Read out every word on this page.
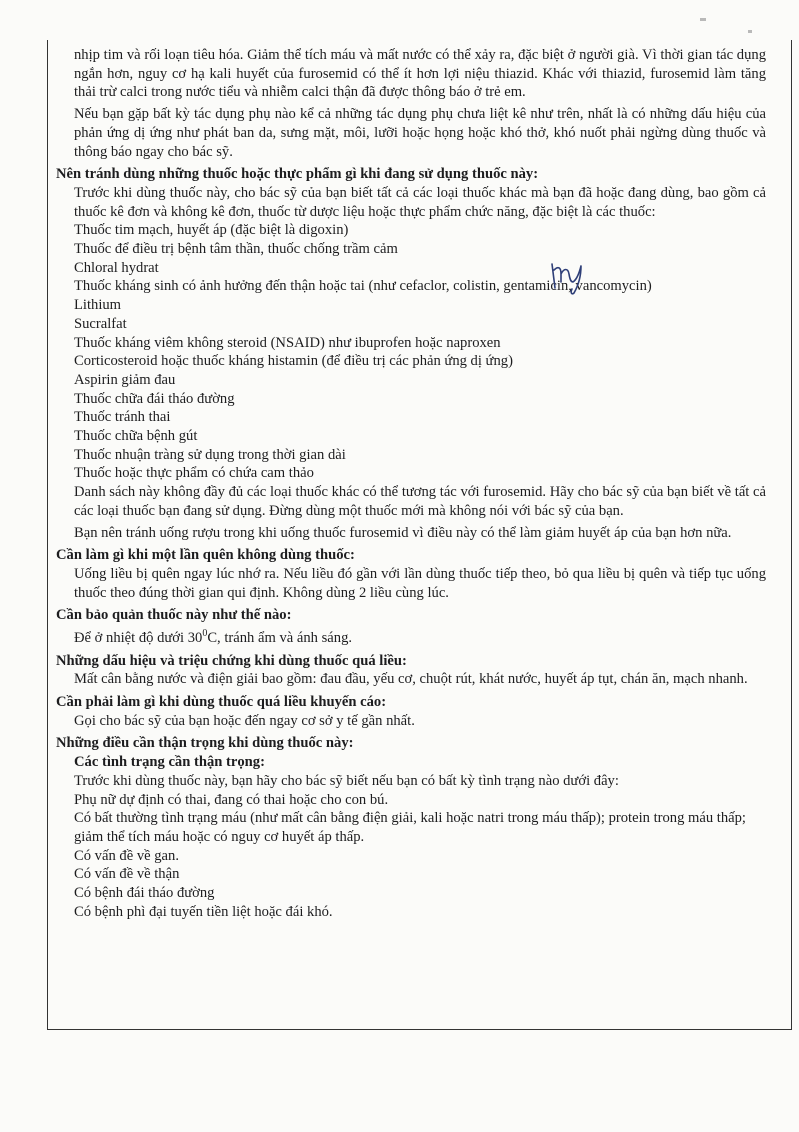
nhịp tim và rối loạn tiêu hóa. Giảm thể tích máu và mất nước có thể xảy ra, đặc biệt ở người già. Vì thời gian tác dụng ngắn hơn, nguy cơ hạ kali huyết của furosemid có thể ít hơn lợi niệu thiazid. Khác với thiazid, furosemid làm tăng thải trừ calci trong nước tiểu và nhiễm calci thận đã được thông báo ở trẻ em.

Nếu bạn gặp bất kỳ tác dụng phụ nào kể cả những tác dụng phụ chưa liệt kê như trên, nhất là có những dấu hiệu của phản ứng dị ứng như phát ban da, sưng mặt, môi, lưỡi hoặc họng hoặc khó thở, khó nuốt phải ngừng dùng thuốc và thông báo ngay cho bác sỹ.

Nên tránh dùng những thuốc hoặc thực phẩm gì khi đang sử dụng thuốc này:

Trước khi dùng thuốc này, cho bác sỹ của bạn biết tất cả các loại thuốc khác mà bạn đã hoặc đang dùng, bao gồm cả thuốc kê đơn và không kê đơn, thuốc từ dược liệu hoặc thực phẩm chức năng, đặc biệt là các thuốc:

Thuốc tim mạch, huyết áp (đặc biệt là digoxin)

Thuốc để điều trị bệnh tâm thần, thuốc chống trầm cảm

Chloral hydrat

Thuốc kháng sinh có ảnh hưởng đến thận hoặc tai (như cefaclor, colistin, gentamicin, vancomycin)

Lithium

Sucralfat

Thuốc kháng viêm không steroid (NSAID) như ibuprofen hoặc naproxen

Corticosteroid hoặc thuốc kháng histamin (để điều trị các phản ứng dị ứng)

Aspirin giảm đau

Thuốc chữa đái tháo đường

Thuốc tránh thai

Thuốc chữa bệnh gút

Thuốc nhuận tràng sử dụng trong thời gian dài

Thuốc hoặc thực phẩm có chứa cam thảo

Danh sách này không đầy đủ các loại thuốc khác có thể tương tác với furosemid. Hãy cho bác sỹ của bạn biết về tất cả các loại thuốc bạn đang sử dụng. Đừng dùng một thuốc mới mà không nói với bác sỹ của bạn.

Bạn nên tránh uống rượu trong khi uống thuốc furosemid vì điều này có thể làm giảm huyết áp của bạn hơn nữa.

Cần làm gì khi một lần quên không dùng thuốc:

Uống liều bị quên ngay lúc nhớ ra. Nếu liều đó gần với lần dùng thuốc tiếp theo, bỏ qua liều bị quên và tiếp tục uống thuốc theo đúng thời gian qui định. Không dùng 2 liều cùng lúc.

Cần bảo quản thuốc này như thế nào:

Để ở nhiệt độ dưới $30^0C$, tránh ẩm và ánh sáng.

Những dấu hiệu và triệu chứng khi dùng thuốc quá liều:

Mất cân bằng nước và điện giải bao gồm: đau đầu, yếu cơ, chuột rút, khát nước, huyết áp tụt, chán ăn, mạch nhanh.

Cần phải làm gì khi dùng thuốc quá liều khuyến cáo:

Gọi cho bác sỹ của bạn hoặc đến ngay cơ sở y tế gần nhất.

Những điều cần thận trọng khi dùng thuốc này:

Các tình trạng cần thận trọng:

Trước khi dùng thuốc này, bạn hãy cho bác sỹ biết nếu bạn có bất kỳ tình trạng nào dưới đây:

Phụ nữ dự định có thai, đang có thai hoặc cho con bú.

Có bất thường tình trạng máu (như mất cân bằng điện giải, kali hoặc natri trong máu thấp); protein trong máu thấp; giảm thể tích máu hoặc có nguy cơ huyết áp thấp.

Có vấn đề về gan.

Có vấn đề về thận

Có bệnh đái tháo đường

Có bệnh phì đại tuyến tiền liệt hoặc đái khó.
